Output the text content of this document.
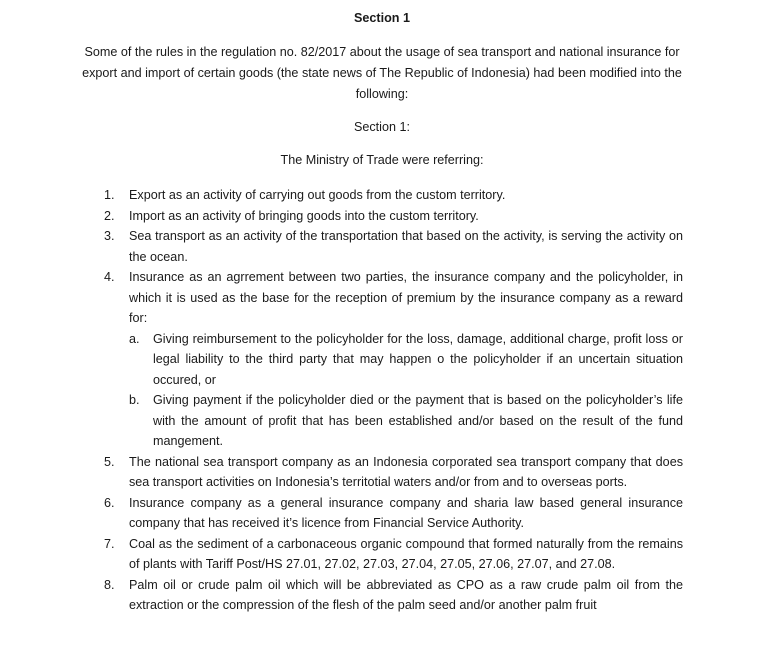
Section 1
Some of the rules in the regulation no. 82/2017 about the usage of sea transport and national insurance for export and import of certain goods (the state news of The Republic of Indonesia) had been modified into the following:
Section 1:
The Ministry of Trade were referring:
1. Export as an activity of carrying out goods from the custom territory.
2. Import as an activity of bringing goods into the custom territory.
3. Sea transport as an activity of the transportation that based on the activity, is serving the activity on the ocean.
4. Insurance as an agrrement between two parties, the insurance company and the policyholder, in which it is used as the base for the reception of premium by the insurance company as a reward for:
a. Giving reimbursement to the policyholder for the loss, damage, additional charge, profit loss or legal liability to the third party that may happen o the policyholder if an uncertain situation occured, or
b. Giving payment if the policyholder died or the payment that is based on the policyholder’s life with the amount of profit that has been established and/or based on the result of the fund mangement.
5. The national sea transport company as an Indonesia corporated sea transport company that does sea transport activities on Indonesia’s territotial waters and/or from and to overseas ports.
6. Insurance company as a general insurance company and sharia law based general insurance company that has received it’s licence from Financial Service Authority.
7. Coal as the sediment of a carbonaceous organic compound that formed naturally from the remains of plants with Tariff Post/HS 27.01, 27.02, 27.03, 27.04, 27.05, 27.06, 27.07, and 27.08.
8. Palm oil or crude palm oil which will be abbreviated as CPO as a raw crude palm oil from the extraction or the compression of the flesh of the palm seed and/or another palm fruit
